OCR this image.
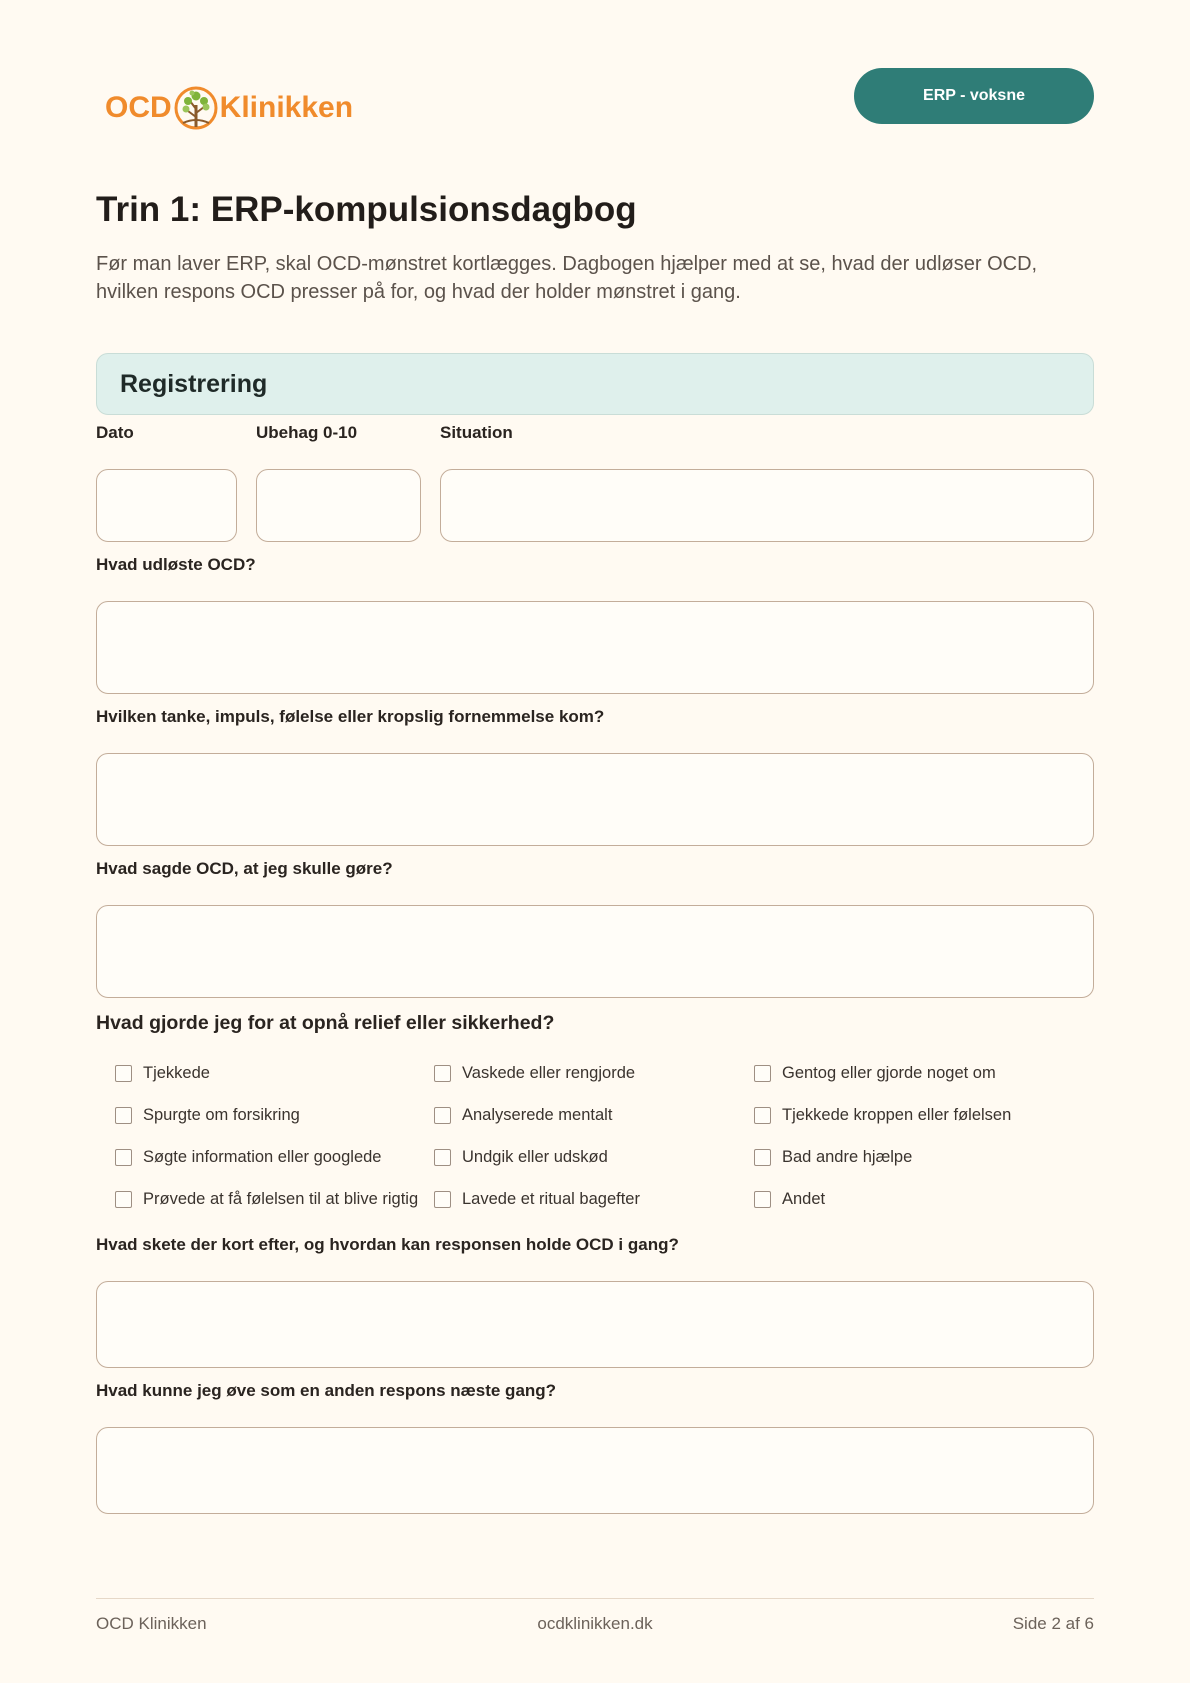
OCD Klinikken	ERP - voksne
Trin 1: ERP-kompulsionsdagbog

Før man laver ERP, skal OCD-mønstret kortlægges. Dagbogen hjælper med at se, hvad der udløser OCD, hvilken respons OCD presser på for, og hvad der holder mønstret i gang.

Registrering
Dato	Ubehag 0-10	Situation
Hvad udløste OCD?
Hvilken tanke, impuls, følelse eller kropslig fornemmelse kom?
Hvad sagde OCD, at jeg skulle gøre?
Hvad gjorde jeg for at opnå relief eller sikkerhed?
Tjekkede	Vaskede eller rengjorde	Gentog eller gjorde noget om
Spurgte om forsikring	Analyserede mentalt	Tjekkede kroppen eller følelsen
Søgte information eller googlede	Undgik eller udskød	Bad andre hjælpe
Prøvede at få følelsen til at blive rigtig	Lavede et ritual bagefter	Andet
Hvad skete der kort efter, og hvordan kan responsen holde OCD i gang?
Hvad kunne jeg øve som en anden respons næste gang?
OCD Klinikken	ocdklinikken.dk	Side 2 af 6
